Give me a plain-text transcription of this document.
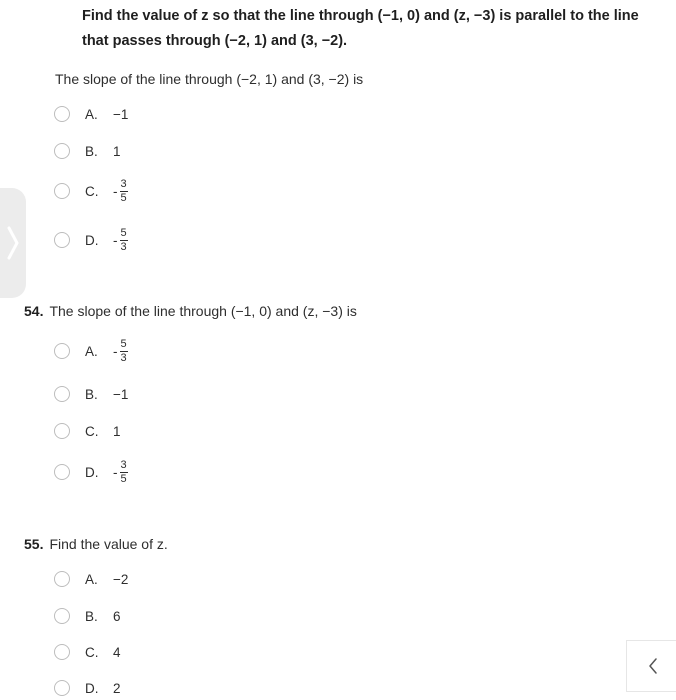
Find the value of z so that the line through (−1, 0) and (z, −3) is parallel to the line
that passes through (−2, 1) and (3, −2).
The slope of the line through (−2, 1) and (3, −2) is
A.	−1
B.	1
C.	- $\frac{3}{5}$
D.	- $\frac{5}{3}$
54. The slope of the line through (−1, 0) and (z, −3) is
A.	- $\frac{5}{3}$
B.	−1
C.	1
D.	- $\frac{3}{5}$
55. Find the value of z.
A.	−2
B.	6
C.	4
D.	2
